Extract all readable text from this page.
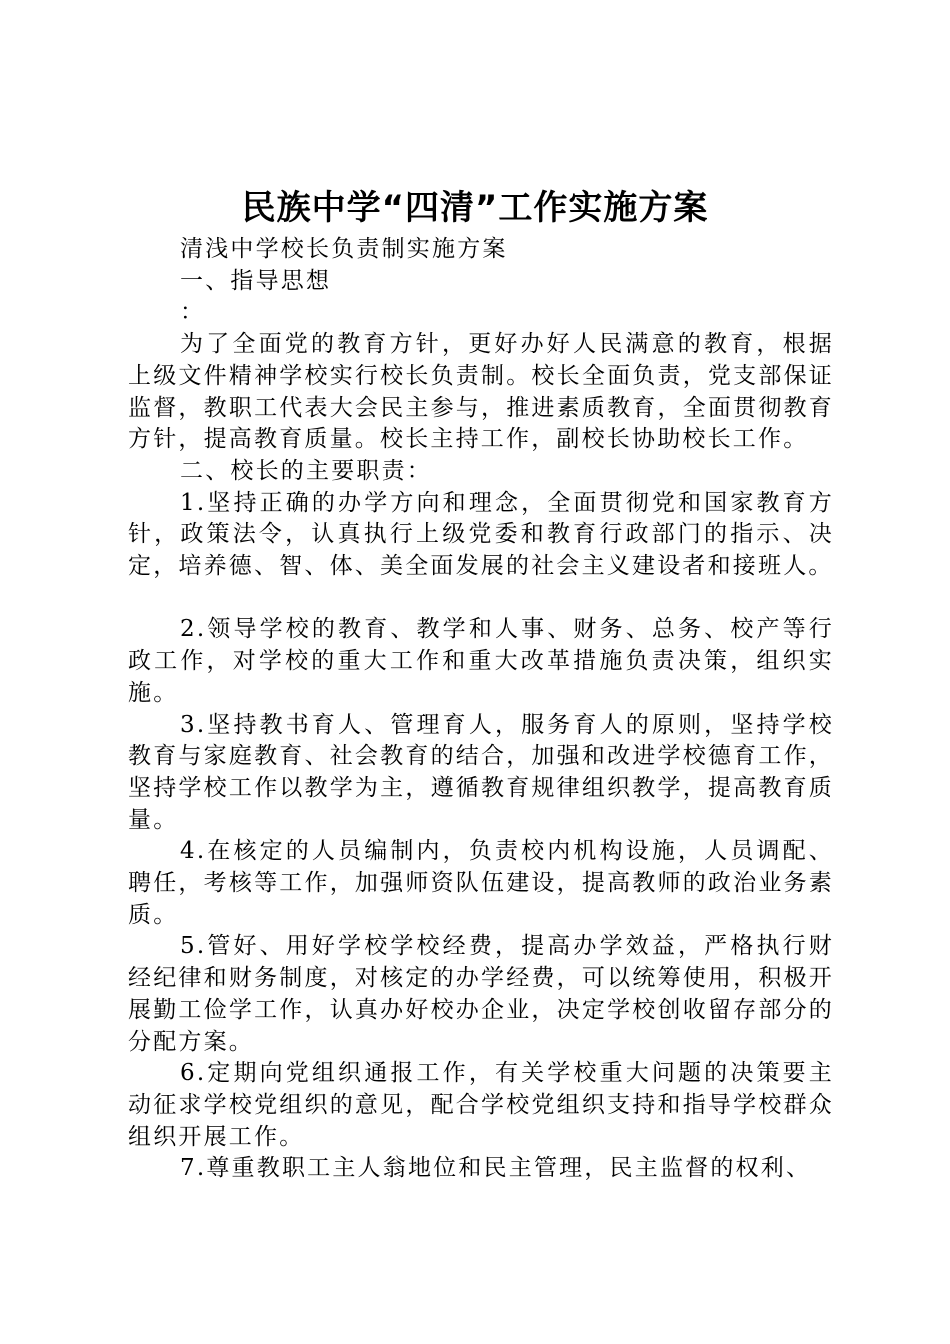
民族中学“四清”工作实施方案

清浅中学校长负责制实施方案

一、指导思想

：

为了全面党的教育方针，更好办好人民满意的教育，根据上级文件精神学校实行校长负责制。校长全面负责，党支部保证监督，教职工代表大会民主参与，推进素质教育，全面贯彻教育方针，提高教育质量。校长主持工作，副校长协助校长工作。

二、校长的主要职责：

1.坚持正确的办学方向和理念，全面贯彻党和国家教育方针，政策法令，认真执行上级党委和教育行政部门的指示、决定，培养德、智、体、美全面发展的社会主义建设者和接班人。

2.领导学校的教育、教学和人事、财务、总务、校产等行政工作，对学校的重大工作和重大改革措施负责决策，组织实施。

3.坚持教书育人、管理育人，服务育人的原则，坚持学校教育与家庭教育、社会教育的结合，加强和改进学校德育工作，坚持学校工作以教学为主，遵循教育规律组织教学，提高教育质量。

4.在核定的人员编制内，负责校内机构设施，人员调配、聘任，考核等工作，加强师资队伍建设，提高教师的政治业务素质。

5.管好、用好学校学校经费，提高办学效益，严格执行财经纪律和财务制度，对核定的办学经费，可以统筹使用，积极开展勤工俭学工作，认真办好校办企业，决定学校创收留存部分的分配方案。

6.定期向党组织通报工作，有关学校重大问题的决策要主动征求学校党组织的意见，配合学校党组织支持和指导学校群众组织开展工作。

7.尊重教职工主人翁地位和民主管理，民主监督的权利、
